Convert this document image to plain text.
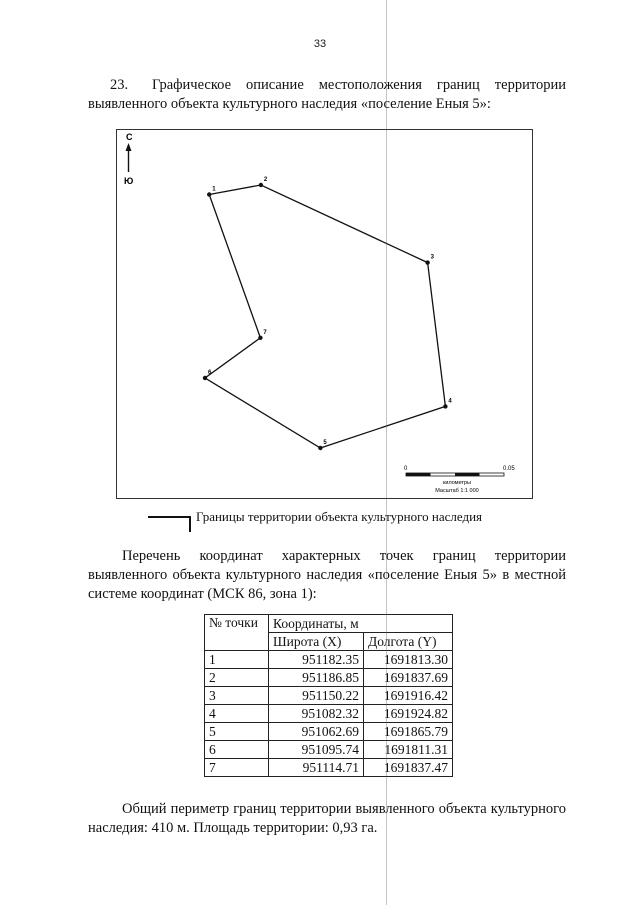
33
23. Графическое описание местоположения границ территории выявленного объекта культурного наследия «поселение Еныя 5»:
С
Ю
1
2
3
4
5
6
7
0	0.05
километры
Масштаб 1:1 000
Границы территории объекта культурного наследия
Перечень координат характерных точек границ территории выявленного объекта культурного наследия «поселение Еныя 5» в местной системе координат (МСК 86, зона 1):
№ точки	Координаты, м	
	Широта (X)	Долгота (Y)
1	951182.35	1691813.30
2	951186.85	1691837.69
3	951150.22	1691916.42
4	951082.32	1691924.82
5	951062.69	1691865.79
6	951095.74	1691811.31
7	951114.71	1691837.47
Общий периметр границ территории выявленного объекта культурного наследия: 410 м. Площадь территории: 0,93 га.
